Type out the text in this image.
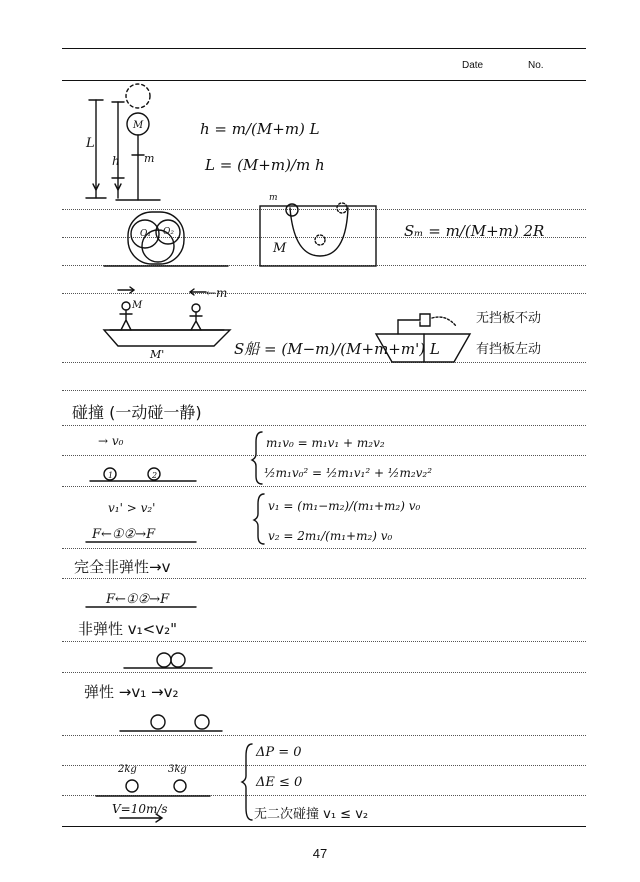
Date	No.
L
h m
M	h = m/(M+m) L
L = (M+m)/m h
O₁ O₂
m
M
Sₘ = m/(M+m) 2R
←m
M
M'	S船 = (M−m)/(M+m+m') L
无挡板不动
有挡板左动
碰撞 (一动碰一静)
→ v₀
1	2
m₁v₀ = m₁v₁ + m₂v₂
½m₁v₀² = ½m₁v₁² + ½m₂v₂²
v₁' > v₂'
F←①②→F
v₁ = (m₁−m₂)/(m₁+m₂) v₀
v₂ = 2m₁/(m₁+m₂) v₀
完全非弹性→v
F←①②→F
非弹性 v₁<v₂"
弹性 →v₁ →v₂
2kg	3kg
V=10m/s
ΔP = 0
ΔE ≤ 0
无二次碰撞 v₁ ≤ v₂
47
